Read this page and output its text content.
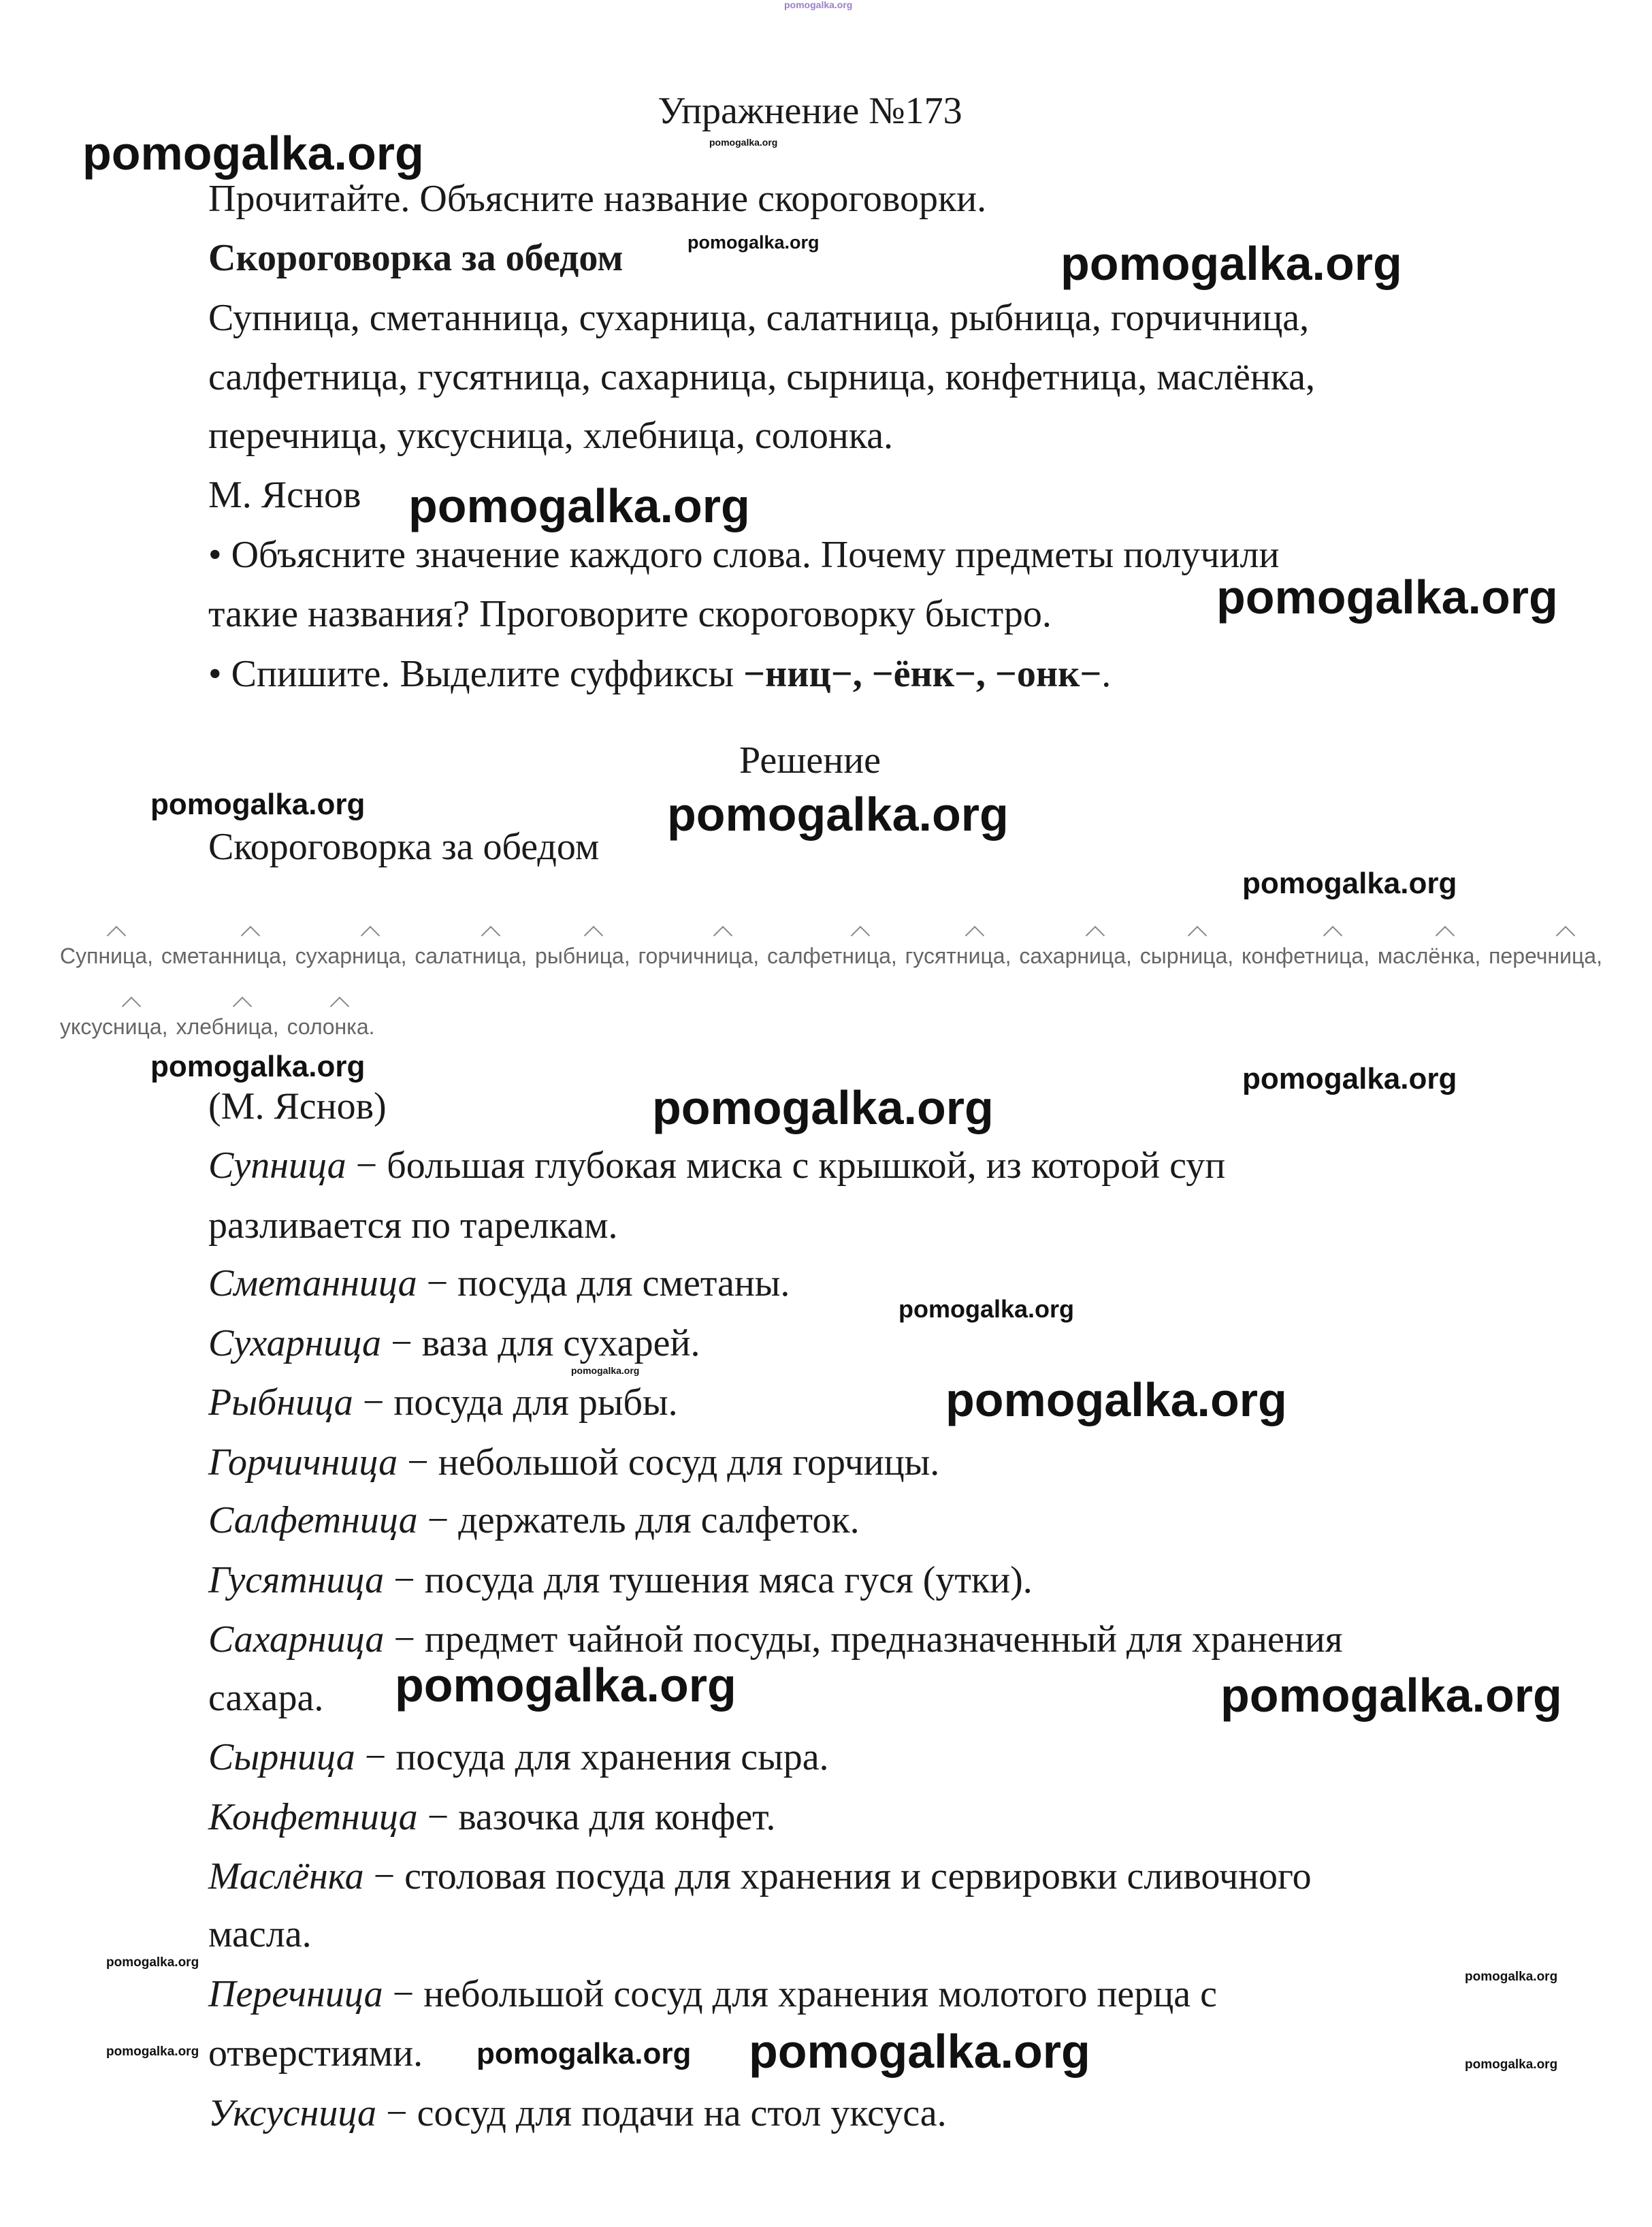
Упражнение №173
Прочитайте. Объясните название скороговорки.
Скороговорка за обедом
Супница, сметанница, сухарница, салатница, рыбница, горчичница,
салфетница, гусятница, сахарница, сырница, конфетница, маслёнка,
перечница, уксусница, хлебница, солонка.
М. Яснов
• Объясните значение каждого слова. Почему предметы получили
такие названия? Проговорите скороговорку быстро.
• Спишите. Выделите суффиксы −ниц−, −ёнк−, −онк−.
Решение
Скороговорка за обедом
Супница, сметанница, сухарница, салатница, рыбница, горчичница, салфетница, гусятница, сахарница, сырница, конфетница, маслёнка, перечница,
уксусница, хлебница, солонка.
(М. Яснов)
Супница − большая глубокая миска с крышкой, из которой суп
разливается по тарелкам.
Сметанница − посуда для сметаны.
Сухарница − ваза для сухарей.
Рыбница − посуда для рыбы.
Горчичница − небольшой сосуд для горчицы.
Салфетница − держатель для салфеток.
Гусятница − посуда для тушения мяса гуся (утки).
Сахарница − предмет чайной посуды, предназначенный для хранения
сахара.
Сырница − посуда для хранения сыра.
Конфетница − вазочка для конфет.
Маслёнка − столовая посуда для хранения и сервировки сливочного
масла.
Перечница − небольшой сосуд для хранения молотого перца с
отверстиями.
Уксусница − сосуд для подачи на стол уксуса.
pomogalka.org
pomogalka.org	pomogalka.org
pomogalka.org	pomogalka.org
pomogalka.org
pomogalka.org
pomogalka.org	pomogalka.org
pomogalka.org
pomogalka.org	pomogalka.org
pomogalka.org
pomogalka.org
pomogalka.org
pomogalka.org
pomogalka.org	pomogalka.org
pomogalka.org
pomogalka.org
pomogalka.org pomogalka.org
pomogalka.org
pomogalka.org
